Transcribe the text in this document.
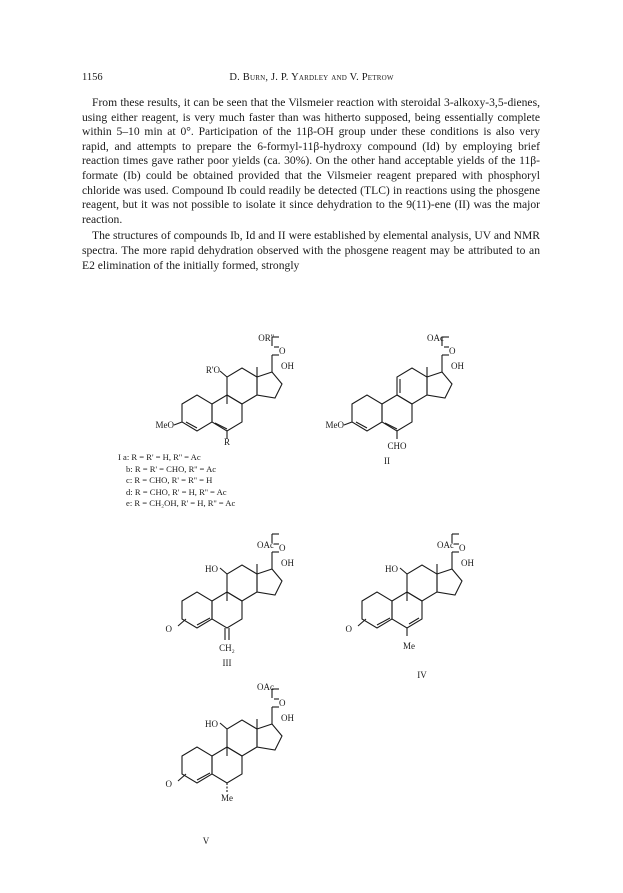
1156	D. Burn, J. P. Yardley and V. Petrow

From these results, it can be seen that the Vilsmeier reaction with steroidal 3-alkoxy-3,5-dienes, using either reagent, is very much faster than was hitherto supposed, being essentially complete within 5–10 min at 0°. Participation of the 11β-OH group under these conditions is also very rapid, and attempts to prepare the 6-formyl-11β-hydroxy compound (Id) by employing brief reaction times gave rather poor yields (ca. 30%). On the other hand acceptable yields of the 11β-formate (Ib) could be obtained provided that the Vilsmeier reagent prepared with phosphoryl chloride was used. Compound Ib could readily be detected (TLC) in reactions using the phosgene reagent, but it was not possible to isolate it since dehydration to the 9(11)-ene (II) was the major reaction.

The structures of compounds Ib, Id and II were established by elemental analysis, UV and NMR spectra. The more rapid dehydration observed with the phosgene reagent may be attributed to an E2 elimination of the initially formed, strongly

OR''
O
OH
R'O
MeO
R
OAc
O
OH
MeO
CHO
II
OAc O
OH
HO
O
CH₂
III
OAc O
OH
HO
O
Me
IV
OAc
O
OH
HO
O
Me
V
I a: R = R' = H, R'' = Ac
b: R = R' = CHO, R'' = Ac
c: R = CHO, R' = R'' = H
d: R = CHO, R' = H, R'' = Ac
e: R = CH₂OH, R' = H, R'' = Ac
